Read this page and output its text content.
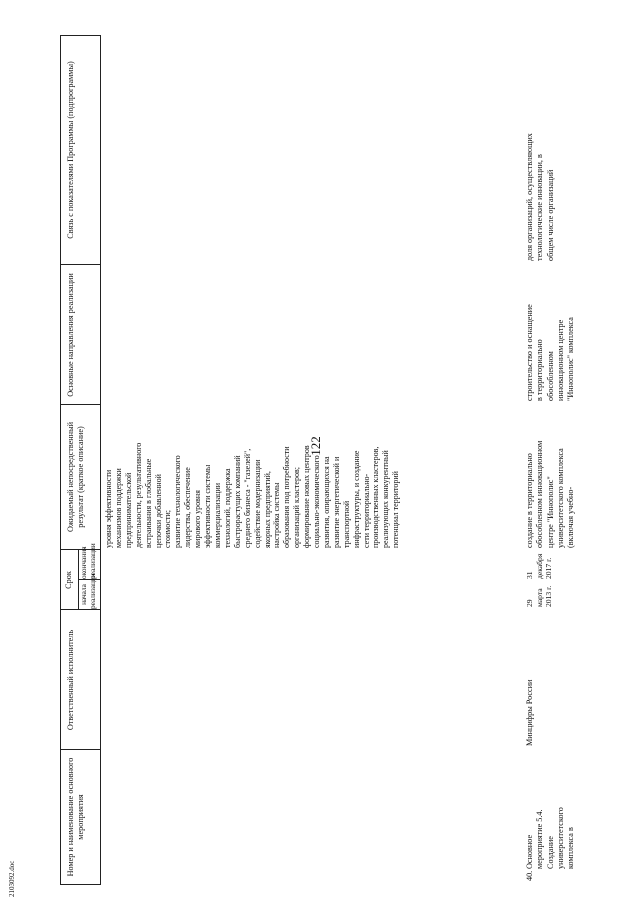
122
2103092.doc
Номер и наименование основного мероприятия
Ответственный исполнитель
Срок
начала реализации
окончания реализации
Ожидаемый непосредственный результат (краткое описание)
Основные направления реализации
Связь с показателями Программы (подпрограммы)
уровня эффективности
механизмов поддержки
предпринимательской
деятельности, результативного
встраивания в глобальные
цепочки добавленной
стоимости;
развитие технологического
лидерства, обеспечение
мирового уровня
эффективности системы
коммерциализации
технологий, поддержка
быстрорастущих компаний
среднего бизнеса - "газелей",
содействие модернизации
якорных предприятий,
настройка системы
образования под потребности
организаций кластеров;
формирование новых центров
социально-экономического
развития, опирающихся на
развитие энергетической и
транспортной
инфраструктуры, и создание
сети территориально-
производственных кластеров,
реализующих конкурентный
потенциал территорий
доля организаций, осуществляющих
технологические инновации, в
общем числе организаций
40.
Основное
мероприятие 5.4.
Создание
университетского
комплекса в
Минцифры России
29 марта
2013 г.
31 декабря
2017 г.
создание в территориально
обособленном инновационном
центре "Иннополис"
университетского комплекса
(включая учебно-
строительство и оснащение
в территориально
обособленном
инновационном центре
"Иннополис" комплекса
